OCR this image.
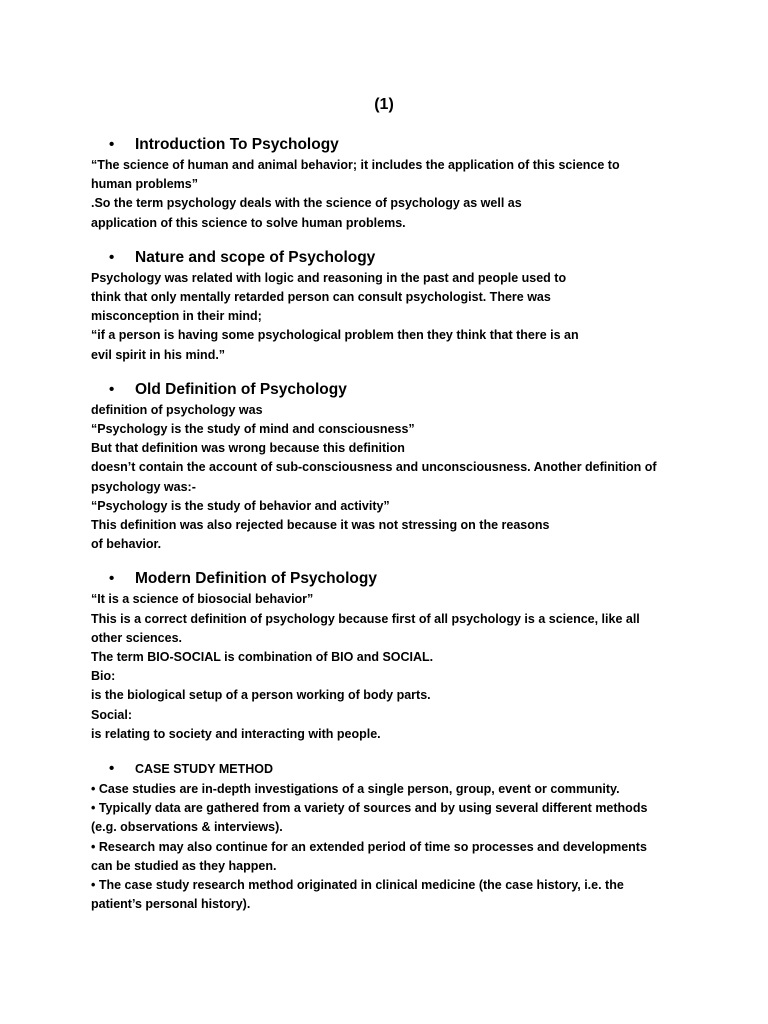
(1)
• Introduction To Psychology
“The science of human and animal behavior; it includes the application of this science to
human problems”
.So the term psychology deals with the science of psychology as well as
application of this science to solve human problems.
• Nature and scope of Psychology
Psychology was related with logic and reasoning in the past and people used to
think that only mentally retarded person can consult psychologist. There was
misconception in their mind;
“if a person is having some psychological problem then they think that there is an
evil spirit in his mind.”
• Old Definition of Psychology
definition of psychology was
“Psychology is the study of mind and consciousness”
But that definition was wrong because this definition
doesn’t contain the account of sub-consciousness and unconsciousness. Another definition of
psychology was:-
“Psychology is the study of behavior and activity”
This definition was also rejected because it was not stressing on the reasons
of behavior.
• Modern Definition of Psychology
“It is a science of biosocial behavior”
This is a correct definition of psychology because first of all psychology is a science, like all
other sciences.
The term BIO-SOCIAL is combination of BIO and SOCIAL.
Bio:
is the biological setup of a person working of body parts.
Social:
is relating to society and interacting with people.
• CASE STUDY METHOD
• Case studies are in-depth investigations of a single person, group, event or community.
• Typically data are gathered from a variety of sources and by using several different methods
(e.g. observations & interviews).
• Research may also continue for an extended period of time so processes and developments
can be studied as they happen.
• The case study research method originated in clinical medicine (the case history, i.e. the
patient’s personal history).
